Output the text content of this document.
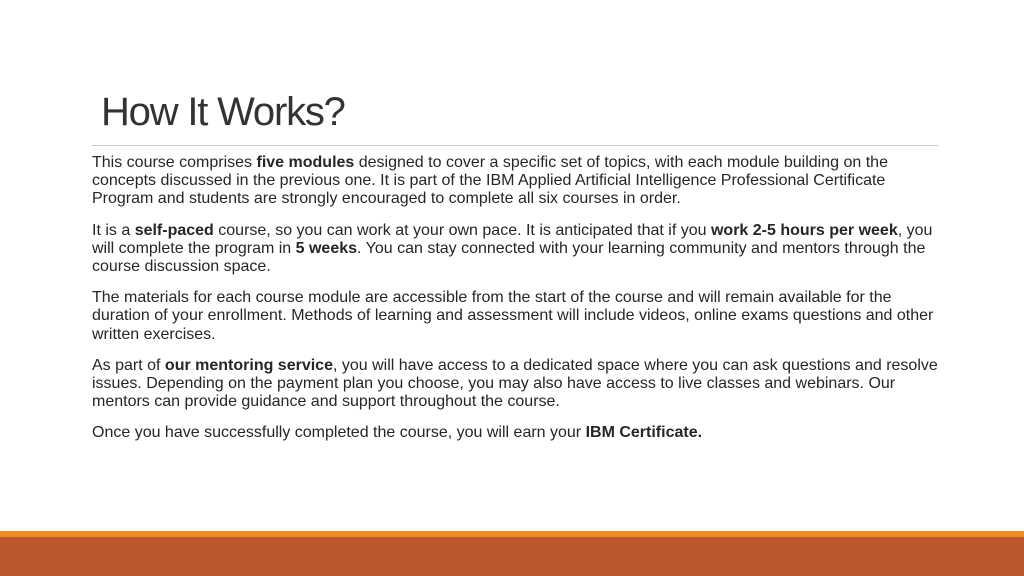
How It Works?

This course comprises five modules designed to cover a specific set of topics, with each module building on the concepts discussed in the previous one. It is part of the IBM Applied Artificial Intelligence Professional Certificate Program and students are strongly encouraged to complete all six courses in order.

It is a self-paced course, so you can work at your own pace. It is anticipated that if you work 2-5 hours per week, you will complete the program in 5 weeks. You can stay connected with your learning community and mentors through the course discussion space.

The materials for each course module are accessible from the start of the course and will remain available for the duration of your enrollment. Methods of learning and assessment will include videos, online exams questions and other written exercises.

As part of our mentoring service, you will have access to a dedicated space where you can ask questions and resolve issues. Depending on the payment plan you choose, you may also have access to live classes and webinars. Our mentors can provide guidance and support throughout the course.

Once you have successfully completed the course, you will earn your IBM Certificate.
